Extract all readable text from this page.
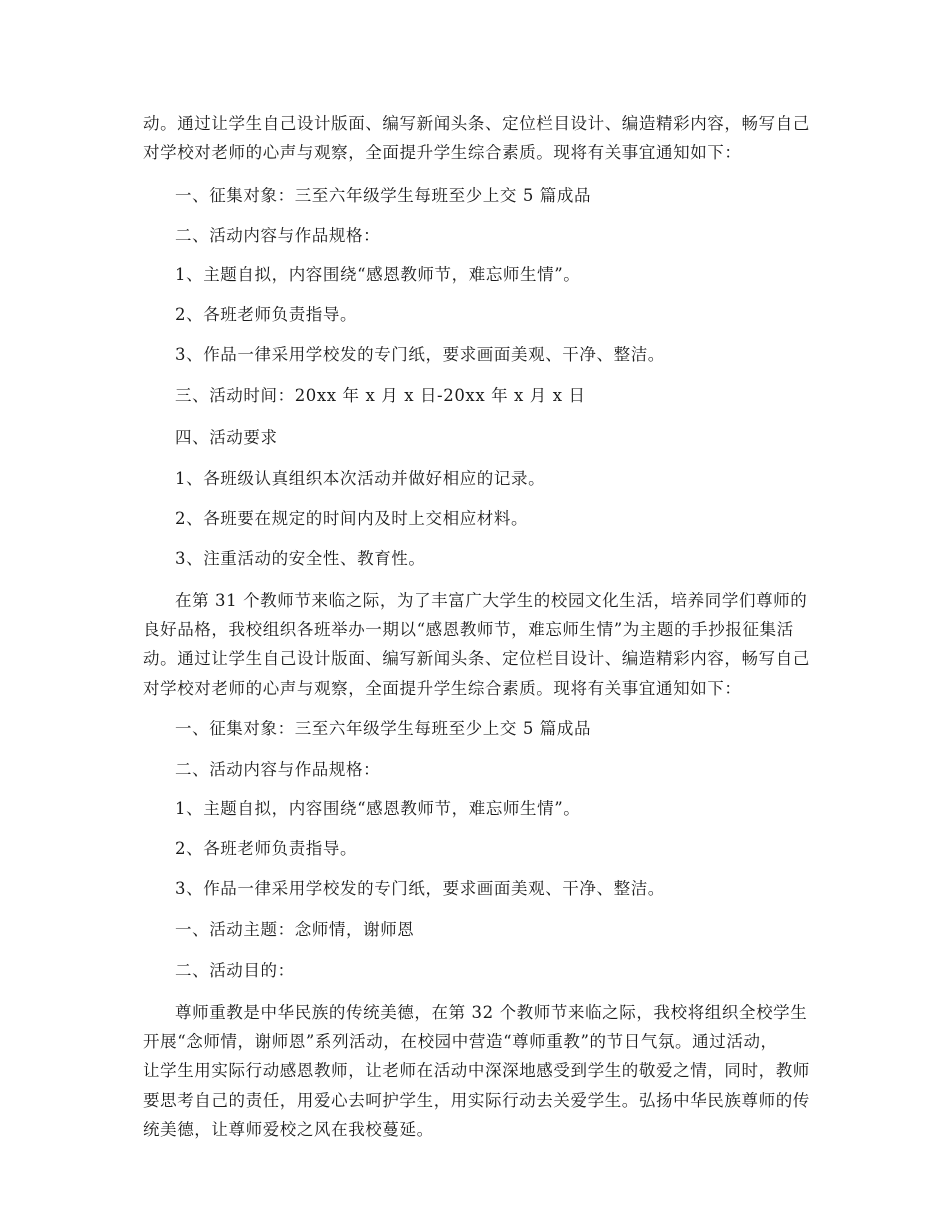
动。通过让学生自己设计版面、编写新闻头条、定位栏目设计、编造精彩内容，畅写自己
对学校对老师的心声与观察，全面提升学生综合素质。现将有关事宜通知如下：
一、征集对象：三至六年级学生每班至少上交 5 篇成品
二、活动内容与作品规格：
1、主题自拟，内容围绕“感恩教师节，难忘师生情”。
2、各班老师负责指导。
3、作品一律采用学校发的专门纸，要求画面美观、干净、整洁。
三、活动时间：20xx 年 x 月 x 日-20xx 年 x 月 x 日
四、活动要求
1、各班级认真组织本次活动并做好相应的记录。
2、各班要在规定的时间内及时上交相应材料。
3、注重活动的安全性、教育性。
在第 31 个教师节来临之际，为了丰富广大学生的校园文化生活，培养同学们尊师的
良好品格，我校组织各班举办一期以“感恩教师节，难忘师生情”为主题的手抄报征集活
动。通过让学生自己设计版面、编写新闻头条、定位栏目设计、编造精彩内容，畅写自己
对学校对老师的心声与观察，全面提升学生综合素质。现将有关事宜通知如下：
一、征集对象：三至六年级学生每班至少上交 5 篇成品
二、活动内容与作品规格：
1、主题自拟，内容围绕“感恩教师节，难忘师生情”。
2、各班老师负责指导。
3、作品一律采用学校发的专门纸，要求画面美观、干净、整洁。
一、活动主题：念师情，谢师恩
二、活动目的：
尊师重教是中华民族的传统美德，在第 32 个教师节来临之际，我校将组织全校学生
开展“念师情，谢师恩”系列活动，在校园中营造“尊师重教”的节日气氛。通过活动，
让学生用实际行动感恩教师，让老师在活动中深深地感受到学生的敬爱之情，同时，教师
要思考自己的责任，用爱心去呵护学生，用实际行动去关爱学生。弘扬中华民族尊师的传
统美德，让尊师爱校之风在我校蔓延。
